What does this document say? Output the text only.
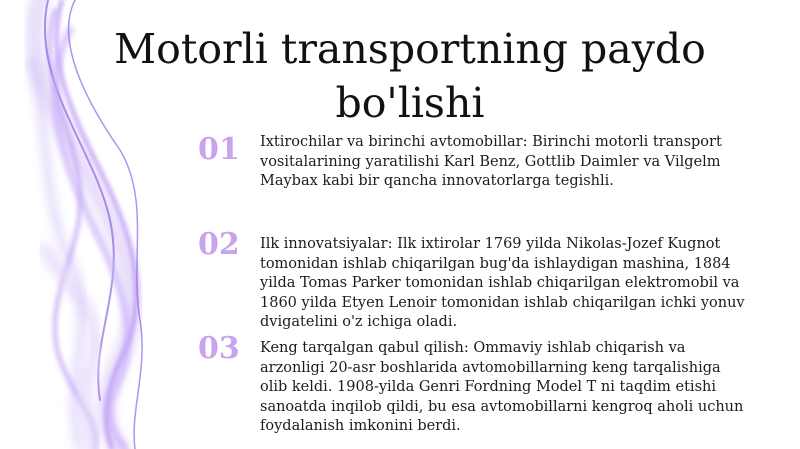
Motorli transportning paydo bo'lishi
01	Ixtirochilar va birinchi avtomobillar: Birinchi motorli transport vositalarining yaratilishi Karl Benz, Gottlib Daimler va Vilgelm Maybax kabi bir qancha innovatorlarga tegishli.

02	Ilk innovatsiyalar: Ilk ixtirolar 1769 yilda Nikolas-Jozef Kugnot tomonidan ishlab chiqarilgan bug'da ishlaydigan mashina, 1884 yilda Tomas Parker tomonidan ishlab chiqarilgan elektromobil va 1860 yilda Etyen Lenoir tomonidan ishlab chiqarilgan ichki yonuv dvigatelini o'z ichiga oladi.

03	Keng tarqalgan qabul qilish: Ommaviy ishlab chiqarish va arzonligi 20-asr boshlarida avtomobillarning keng tarqalishiga olib keldi. 1908-yilda Genri Fordning Model T ni taqdim etishi sanoatda inqilob qildi, bu esa avtomobillarni kengroq aholi uchun foydalanish imkonini berdi.
